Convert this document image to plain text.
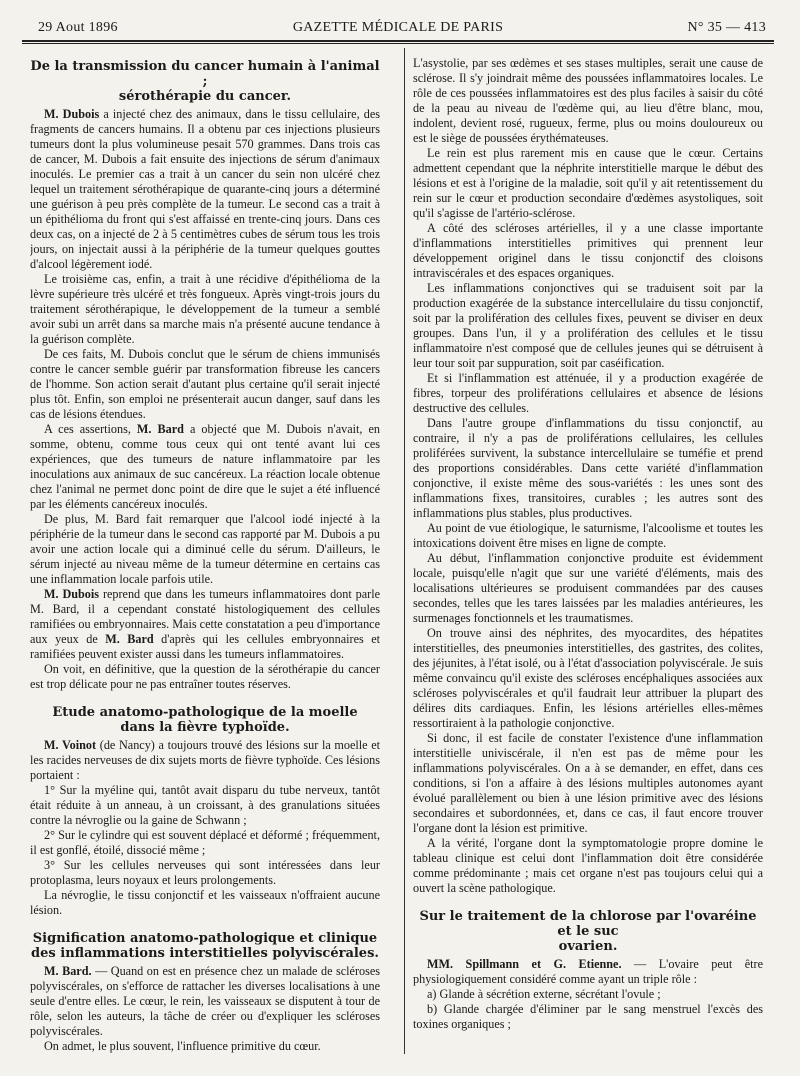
29 Aout 1896	GAZETTE MÉDICALE DE PARIS	N° 35 — 413
De la transmission du cancer humain à l'animal ;
sérothérapie du cancer.

M. Dubois a injecté chez des animaux, dans le tissu cellulaire, des fragments de cancers humains. Il a obtenu par ces injections plusieurs tumeurs dont la plus volumineuse pesait 570 grammes. Dans trois cas de cancer, M. Dubois a fait ensuite des injections de sérum d'animaux inoculés. Le premier cas a trait à un cancer du sein non ulcéré chez lequel un traitement sérothérapique de quarante-cinq jours a déterminé une guérison à peu près complète de la tumeur. Le second cas a trait à un épithélioma du front qui s'est affaissé en trente-cinq jours. Dans ces deux cas, on a injecté de 2 à 5 centimètres cubes de sérum tous les trois jours, on injectait aussi à la périphérie de la tumeur quelques gouttes d'alcool légèrement iodé.

Le troisième cas, enfin, a trait à une récidive d'épithélioma de la lèvre supérieure très ulcéré et très fongueux. Après vingt-trois jours du traitement sérothérapique, le développement de la tumeur a semblé avoir subi un arrêt dans sa marche mais n'a présenté aucune tendance à la guérison complète.

De ces faits, M. Dubois conclut que le sérum de chiens immunisés contre le cancer semble guérir par transformation fibreuse les cancers de l'homme. Son action serait d'autant plus certaine qu'il serait injecté plus tôt. Enfin, son emploi ne présenterait aucun danger, sauf dans les cas de lésions étendues.

A ces assertions, M. Bard a objecté que M. Dubois n'avait, en somme, obtenu, comme tous ceux qui ont tenté avant lui ces expériences, que des tumeurs de nature inflammatoire par les inoculations aux animaux de suc cancéreux. La réaction locale obtenue chez l'animal ne permet donc point de dire que le sujet a été influencé par les éléments cancéreux inoculés.

De plus, M. Bard fait remarquer que l'alcool iodé injecté à la périphérie de la tumeur dans le second cas rapporté par M. Dubois a pu avoir une action locale qui a diminué celle du sérum. D'ailleurs, le sérum injecté au niveau même de la tumeur détermine en certains cas une inflammation locale parfois utile.

M. Dubois reprend que dans les tumeurs inflammatoires dont parle M. Bard, il a cependant constaté histologiquement des cellules ramifiées ou embryonnaires. Mais cette constatation a peu d'importance aux yeux de M. Bard d'après qui les cellules embryonnaires et ramifiées peuvent exister aussi dans les tumeurs inflammatoires.

On voit, en définitive, que la question de la sérothérapie du cancer est trop délicate pour ne pas entraîner toutes réserves.

Etude anatomo-pathologique de la moelle
dans la fièvre typhoïde.

M. Voinot (de Nancy) a toujours trouvé des lésions sur la moelle et les racides nerveuses de dix sujets morts de fièvre typhoïde. Ces lésions portaient :

1° Sur la myéline qui, tantôt avait disparu du tube nerveux, tantôt était réduite à un anneau, à un croissant, à des granulations situées contre la névroglie ou la gaine de Schwann ;

2° Sur le cylindre qui est souvent déplacé et déformé ; fréquemment, il est gonflé, étoilé, dissocié même ;

3° Sur les cellules nerveuses qui sont intéressées dans leur protoplasma, leurs noyaux et leurs prolongements.

La névroglie, le tissu conjonctif et les vaisseaux n'offraient aucune lésion.

Signification anatomo-pathologique et clinique
des inflammations interstitielles polyviscérales.

M. Bard. — Quand on est en présence chez un malade de scléroses polyviscérales, on s'efforce de rattacher les diverses localisations à une seule d'entre elles. Le cœur, le rein, les vaisseaux se disputent à tour de rôle, selon les auteurs, la tâche de créer ou d'expliquer les scléroses polyviscérales.

On admet, le plus souvent, l'influence primitive du cœur.

L'asystolie, par ses œdèmes et ses stases multiples, serait une cause de sclérose. Il s'y joindrait même des poussées inflammatoires locales. Le rôle de ces poussées inflammatoires est des plus faciles à saisir du côté de la peau au niveau de l'œdème qui, au lieu d'être blanc, mou, indolent, devient rosé, rugueux, ferme, plus ou moins douloureux ou est le siège de poussées érythémateuses.

Le rein est plus rarement mis en cause que le cœur. Certains admettent cependant que la néphrite interstitielle marque le début des lésions et est à l'origine de la maladie, soit qu'il y ait retentissement du rein sur le cœur et production secondaire d'œdèmes asystoliques, soit qu'il s'agisse de l'artério-sclérose.

A côté des scléroses artérielles, il y a une classe importante d'inflammations interstitielles primitives qui prennent leur développement originel dans le tissu conjonctif des cloisons intraviscérales et des espaces organiques.

Les inflammations conjonctives qui se traduisent soit par la production exagérée de la substance intercellulaire du tissu conjonctif, soit par la prolifération des cellules fixes, peuvent se diviser en deux groupes. Dans l'un, il y a prolifération des cellules et le tissu inflammatoire n'est composé que de cellules jeunes qui se détruisent à leur tour soit par suppuration, soit par caséification.

Et si l'inflammation est atténuée, il y a production exagérée de fibres, torpeur des proliférations cellulaires et absence de lésions destructive des cellules.

Dans l'autre groupe d'inflammations du tissu conjonctif, au contraire, il n'y a pas de proliférations cellulaires, les cellules proliférées survivent, la substance intercellulaire se tuméfie et prend des proportions considérables. Dans cette variété d'inflammation conjonctive, il existe même des sous-variétés : les unes sont des inflammations fixes, transitoires, curables ; les autres sont des inflammations plus stables, plus productives.

Au point de vue étiologique, le saturnisme, l'alcoolisme et toutes les intoxications doivent être mises en ligne de compte.

Au début, l'inflammation conjonctive produite est évidemment locale, puisqu'elle n'agit que sur une variété d'éléments, mais des localisations ultérieures se produisent commandées par des causes secondes, telles que les tares laissées par les maladies antérieures, les surmenages fonctionnels et les traumatismes.

On trouve ainsi des néphrites, des myocardites, des hépatites interstitielles, des pneumonies interstitielles, des gastrites, des colites, des jéjunites, à l'état isolé, ou à l'état d'association polyviscérale. Je suis même convaincu qu'il existe des scléroses encéphaliques associées aux scléroses polyviscérales et qu'il faudrait leur attribuer la plupart des délires dits cardiaques. Enfin, les lésions artérielles elles-mêmes ressortiraient à la pathologie conjonctive.

Si donc, il est facile de constater l'existence d'une inflammation interstitielle univiscérale, il n'en est pas de même pour les inflammations polyviscérales. On a à se demander, en effet, dans ces conditions, si l'on a affaire à des lésions multiples autonomes ayant évolué parallèlement ou bien à une lésion primitive avec des lésions secondaires et subordonnées, et, dans ce cas, il faut encore trouver l'organe dont la lésion est primitive.

A la vérité, l'organe dont la symptomatologie propre domine le tableau clinique est celui dont l'inflammation doit être considérée comme prédominante ; mais cet organe n'est pas toujours celui qui a ouvert la scène pathologique.

Sur le traitement de la chlorose par l'ovaréine et le suc
ovarien.

MM. Spillmann et G. Etienne. — L'ovaire peut être physiologiquement considéré comme ayant un triple rôle :

a) Glande à sécrétion externe, sécrétant l'ovule ;

b) Glande chargée d'éliminer par le sang menstruel l'excès des toxines organiques ;
